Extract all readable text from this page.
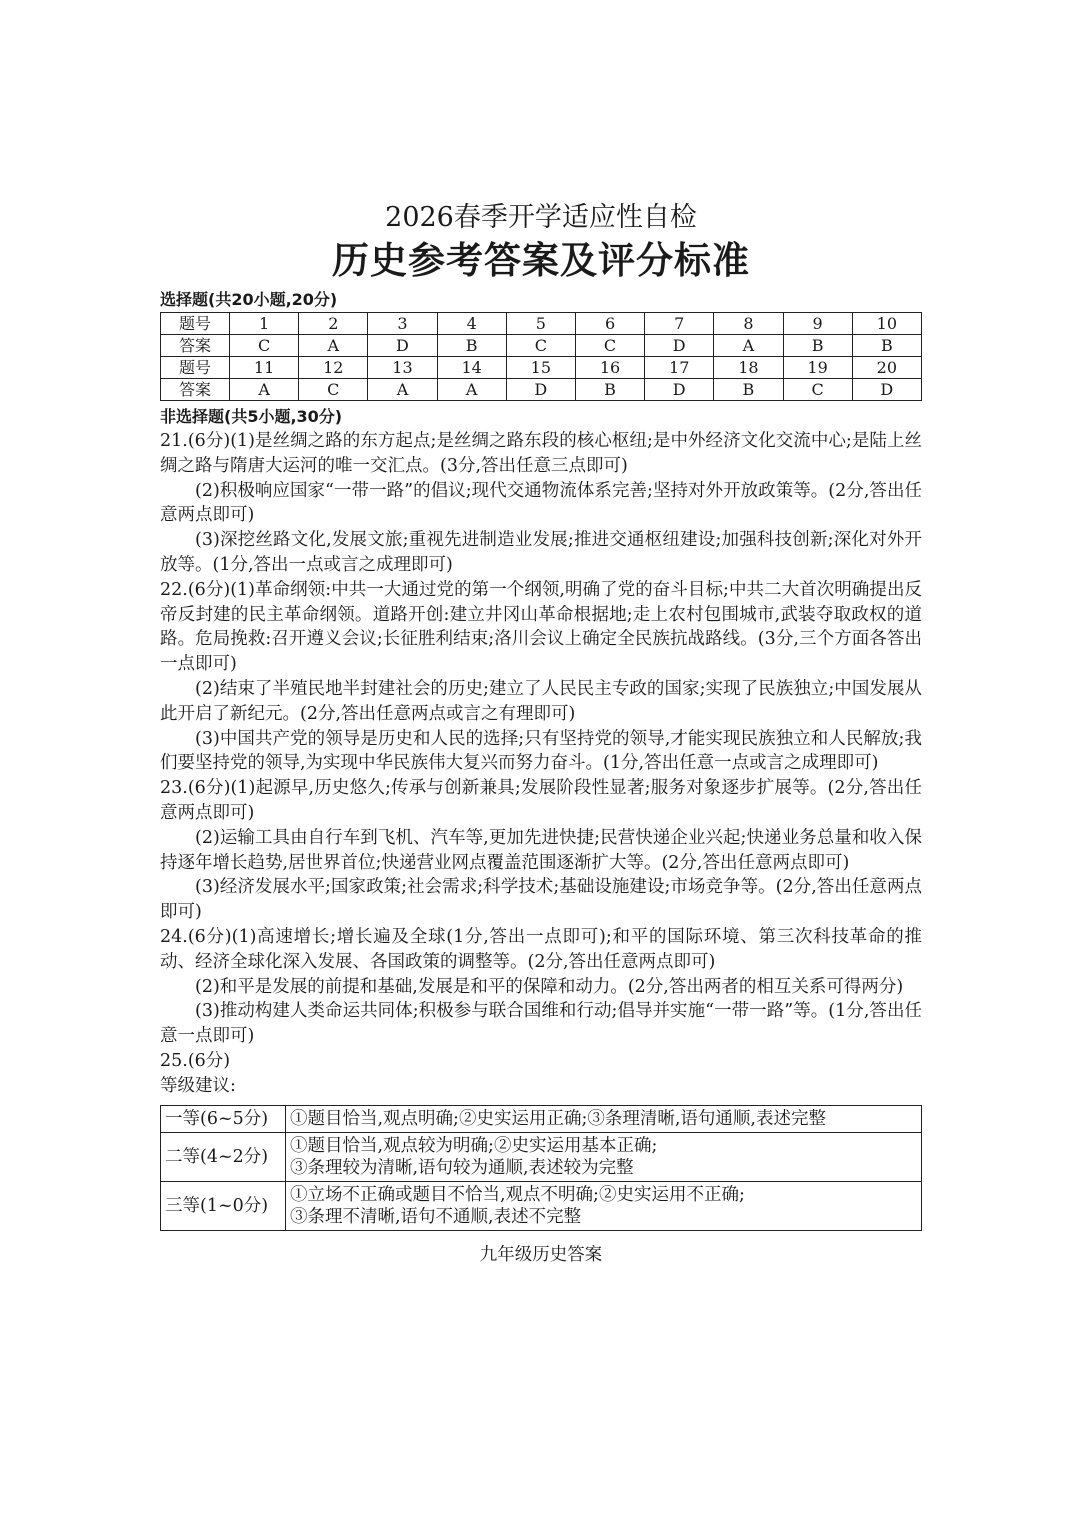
2026春季开学适应性自检
历史参考答案及评分标准
选择题(共20小题,20分)
题号	1	2	3	4	5	6	7	8	9	10
答案	C	A	D	B	C	C	D	A	B	B
题号	11	12	13	14	15	16	17	18	19	20
答案	A	C	A	A	D	B	D	B	C	D
非选择题(共5小题,30分)

21.(6分)(1)是丝绸之路的东方起点;是丝绸之路东段的核心枢纽;是中外经济文化交流中心;是陆上丝绸之路与隋唐大运河的唯一交汇点。(3分,答出任意三点即可)

(2)积极响应国家“一带一路”的倡议;现代交通物流体系完善;坚持对外开放政策等。(2分,答出任意两点即可)

(3)深挖丝路文化,发展文旅;重视先进制造业发展;推进交通枢纽建设;加强科技创新;深化对外开放等。(1分,答出一点或言之成理即可)

22.(6分)(1)革命纲领:中共一大通过党的第一个纲领,明确了党的奋斗目标;中共二大首次明确提出反帝反封建的民主革命纲领。道路开创:建立井冈山革命根据地;走上农村包围城市,武装夺取政权的道路。危局挽救:召开遵义会议;长征胜利结束;洛川会议上确定全民族抗战路线。(3分,三个方面各答出一点即可)

(2)结束了半殖民地半封建社会的历史;建立了人民民主专政的国家;实现了民族独立;中国发展从此开启了新纪元。(2分,答出任意两点或言之有理即可)

(3)中国共产党的领导是历史和人民的选择;只有坚持党的领导,才能实现民族独立和人民解放;我们要坚持党的领导,为实现中华民族伟大复兴而努力奋斗。(1分,答出任意一点或言之成理即可)

23.(6分)(1)起源早,历史悠久;传承与创新兼具;发展阶段性显著;服务对象逐步扩展等。(2分,答出任意两点即可)

(2)运输工具由自行车到飞机、汽车等,更加先进快捷;民营快递企业兴起;快递业务总量和收入保持逐年增长趋势,居世界首位;快递营业网点覆盖范围逐渐扩大等。(2分,答出任意两点即可)

(3)经济发展水平;国家政策;社会需求;科学技术;基础设施建设;市场竞争等。(2分,答出任意两点即可)

24.(6分)(1)高速增长;增长遍及全球(1分,答出一点即可);和平的国际环境、第三次科技革命的推动、经济全球化深入发展、各国政策的调整等。(2分,答出任意两点即可)

(2)和平是发展的前提和基础,发展是和平的保障和动力。(2分,答出两者的相互关系可得两分)

(3)推动构建人类命运共同体;积极参与联合国维和行动;倡导并实施“一带一路”等。(1分,答出任意一点即可)

25.(6分)

等级建议:

一等(6~5分)	①题目恰当,观点明确;②史实运用正确;③条理清晰,语句通顺,表述完整

二等(4~2分)	①题目恰当,观点较为明确;②史实运用基本正确;
③条理较为清晰,语句较为通顺,表述较为完整

三等(1~0分)	①立场不正确或题目不恰当,观点不明确;②史实运用不正确;
③条理不清晰,语句不通顺,表述不完整
九年级历史答案
